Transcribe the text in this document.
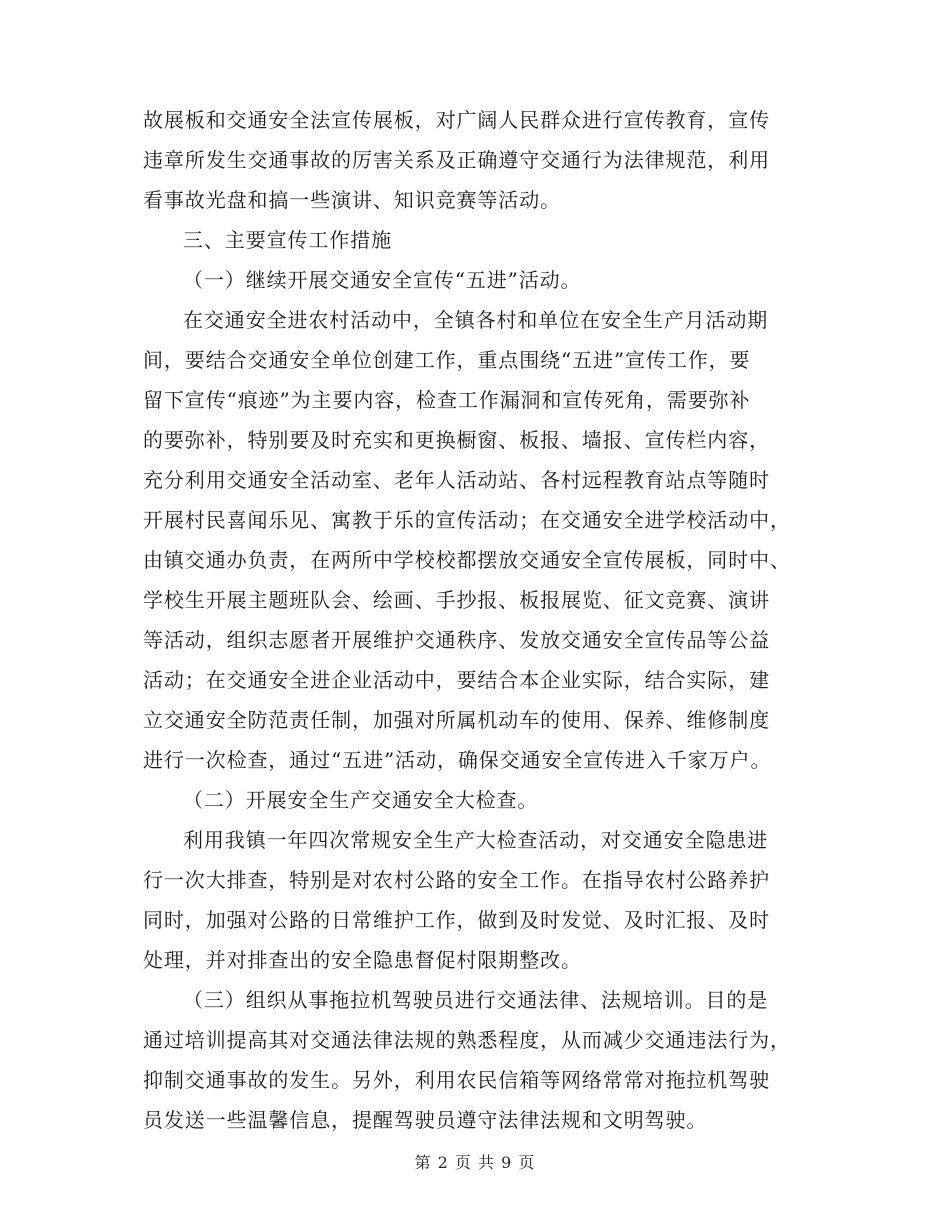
故展板和交通安全法宣传展板，对广阔人民群众进行宣传教育，宣传
违章所发生交通事故的厉害关系及正确遵守交通行为法律规范，利用
看事故光盘和搞一些演讲、知识竞赛等活动。
三、主要宣传工作措施
（一）继续开展交通安全宣传“五进”活动。
在交通安全进农村活动中，全镇各村和单位在安全生产月活动期
间，要结合交通安全单位创建工作，重点围绕“五进”宣传工作，要
留下宣传“痕迹”为主要内容，检查工作漏洞和宣传死角，需要弥补
的要弥补，特别要及时充实和更换橱窗、板报、墙报、宣传栏内容，
充分利用交通安全活动室、老年人活动站、各村远程教育站点等随时
开展村民喜闻乐见、寓教于乐的宣传活动；在交通安全进学校活动中，
由镇交通办负责，在两所中学校校都摆放交通安全宣传展板，同时中、
学校生开展主题班队会、绘画、手抄报、板报展览、征文竞赛、演讲
等活动，组织志愿者开展维护交通秩序、发放交通安全宣传品等公益
活动；在交通安全进企业活动中，要结合本企业实际，结合实际，建
立交通安全防范责任制，加强对所属机动车的使用、保养、维修制度
进行一次检查，通过“五进”活动，确保交通安全宣传进入千家万户。
（二）开展安全生产交通安全大检查。
利用我镇一年四次常规安全生产大检查活动，对交通安全隐患进
行一次大排查，特别是对农村公路的安全工作。在指导农村公路养护
同时，加强对公路的日常维护工作，做到及时发觉、及时汇报、及时
处理，并对排查出的安全隐患督促村限期整改。
（三）组织从事拖拉机驾驶员进行交通法律、法规培训。目的是
通过培训提高其对交通法律法规的熟悉程度，从而减少交通违法行为，
抑制交通事故的发生。另外，利用农民信箱等网络常常对拖拉机驾驶
员发送一些温馨信息，提醒驾驶员遵守法律法规和文明驾驶。
第 2 页 共 9 页
